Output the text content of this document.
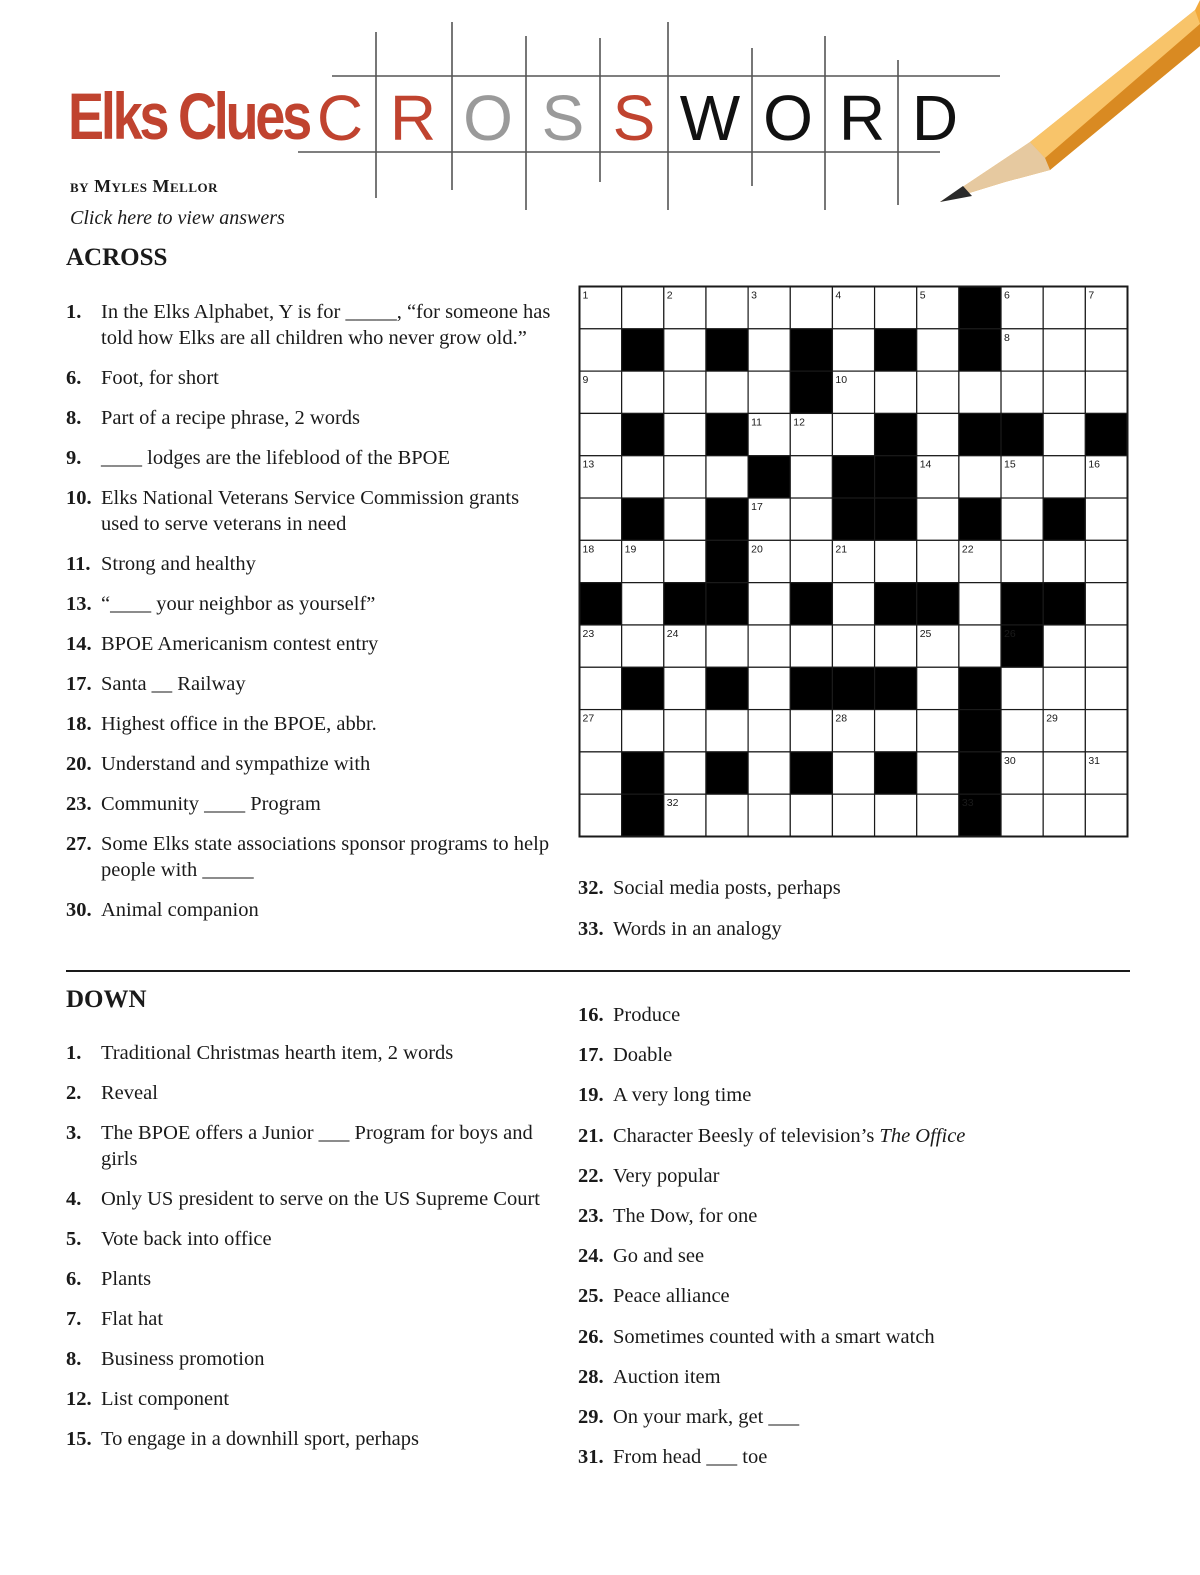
C R O S S W O R D
Elks Clues
by Myles Mellor
Click here to view answers
ACROSS
1. In the Elks Alphabet, Y is for _____, “for someone has told how Elks are all children who never grow old.”
6. Foot, for short
8. Part of a recipe phrase, 2 words
9. ____ lodges are the lifeblood of the BPOE
10. Elks National Veterans Service Commission grants used to serve veterans in need
11. Strong and healthy
13. “____ your neighbor as yourself”
14. BPOE Americanism contest entry
17. Santa __ Railway
18. Highest office in the BPOE, abbr.
20. Understand and sympathize with
23. Community ____ Program
27. Some Elks state associations sponsor programs to help people with _____
30. Animal companion
1	2	3	4	5	6	7
8
9	10
11	12
13	14	15	16
17
18	19	20	21	22
23	24	25	26
27	28	29
30	31
32	33
32. Social media posts, perhaps
33. Words in an analogy
DOWN
1. Traditional Christmas hearth item, 2 words
2. Reveal
3. The BPOE offers a Junior ___ Program for boys and girls
4. Only US president to serve on the US Supreme Court
5. Vote back into office
6. Plants
7. Flat hat
8. Business promotion
12. List component
15. To engage in a downhill sport, perhaps
16. Produce
17. Doable
19. A very long time
21. Character Beesly of television’s The Office
22. Very popular
23. The Dow, for one
24. Go and see
25. Peace alliance
26. Sometimes counted with a smart watch
28. Auction item
29. On your mark, get ___
31. From head ___ toe
